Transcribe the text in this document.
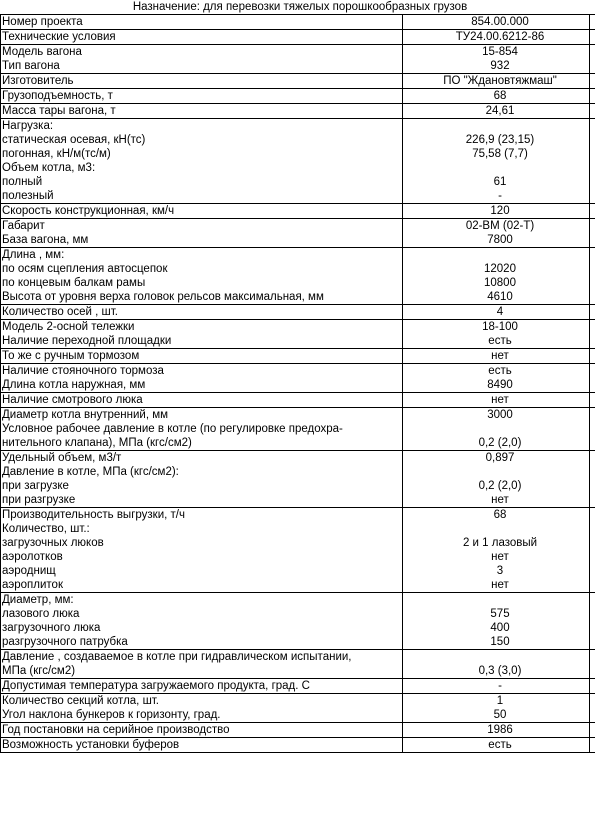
Назначение: для перевозки тяжелых порошкообразных грузов
Номер проекта	854.00.000
Технические условия	ТУ24.00.6212-86
Модель вагона	15-854
Тип вагона	932
Изготовитель	ПО "Ждановтяжмаш"
Грузоподъемность, т	68
Масса тары вагона, т	24,61
Нагрузка:	
статическая осевая, кН(тс)	226,9 (23,15)
погонная, кН/м(тс/м)	75,58 (7,7)
Объем котла, м3:	
полный	61
полезный	-
Скорость конструкционная, км/ч	120
Габарит	02-ВМ (02-Т)
База вагона, мм	7800
Длина , мм:	
по осям сцепления автосцепок	12020
по концевым балкам рамы	10800
Высота от уровня верха головок рельсов максимальная, мм	4610
Количество осей , шт.	4
Модель 2-осной тележки	18-100
Наличие переходной площадки	есть
То же с ручным тормозом	нет
Наличие стояночного тормоза	есть
Длина котла наружная, мм	8490
Наличие смотрового люка	нет
Диаметр котла внутренний, мм	3000

Условное рабочее давление в котле (по регулировке предохра-
нительного клапана), МПа (кгс/см2)	0,2 (2,0)
Удельный объем, м3/т	0,897
Давление в котле, МПа (кгс/см2):	
при загрузке	0,2 (2,0)
при разгрузке	нет
Производительность выгрузки, т/ч	68
Количество, шт.:	
загрузочных люков	2 и 1 лазовый
аэролотков	нет
аэроднищ	3
аэроплиток	нет
Диаметр, мм:	
лазового люка	575
загрузочного люка	400
разгрузочного патрубка	150

Давление , создаваемое в котле при гидравлическом испытании,
МПа (кгс/см2)	0,3 (3,0)
Допустимая температура загружаемого продукта, град. С	-
Количество секций котла, шт.	1
Угол наклона бункеров к горизонту, град.	50
Год постановки на серийное производство	1986
Возможность установки буферов	есть
